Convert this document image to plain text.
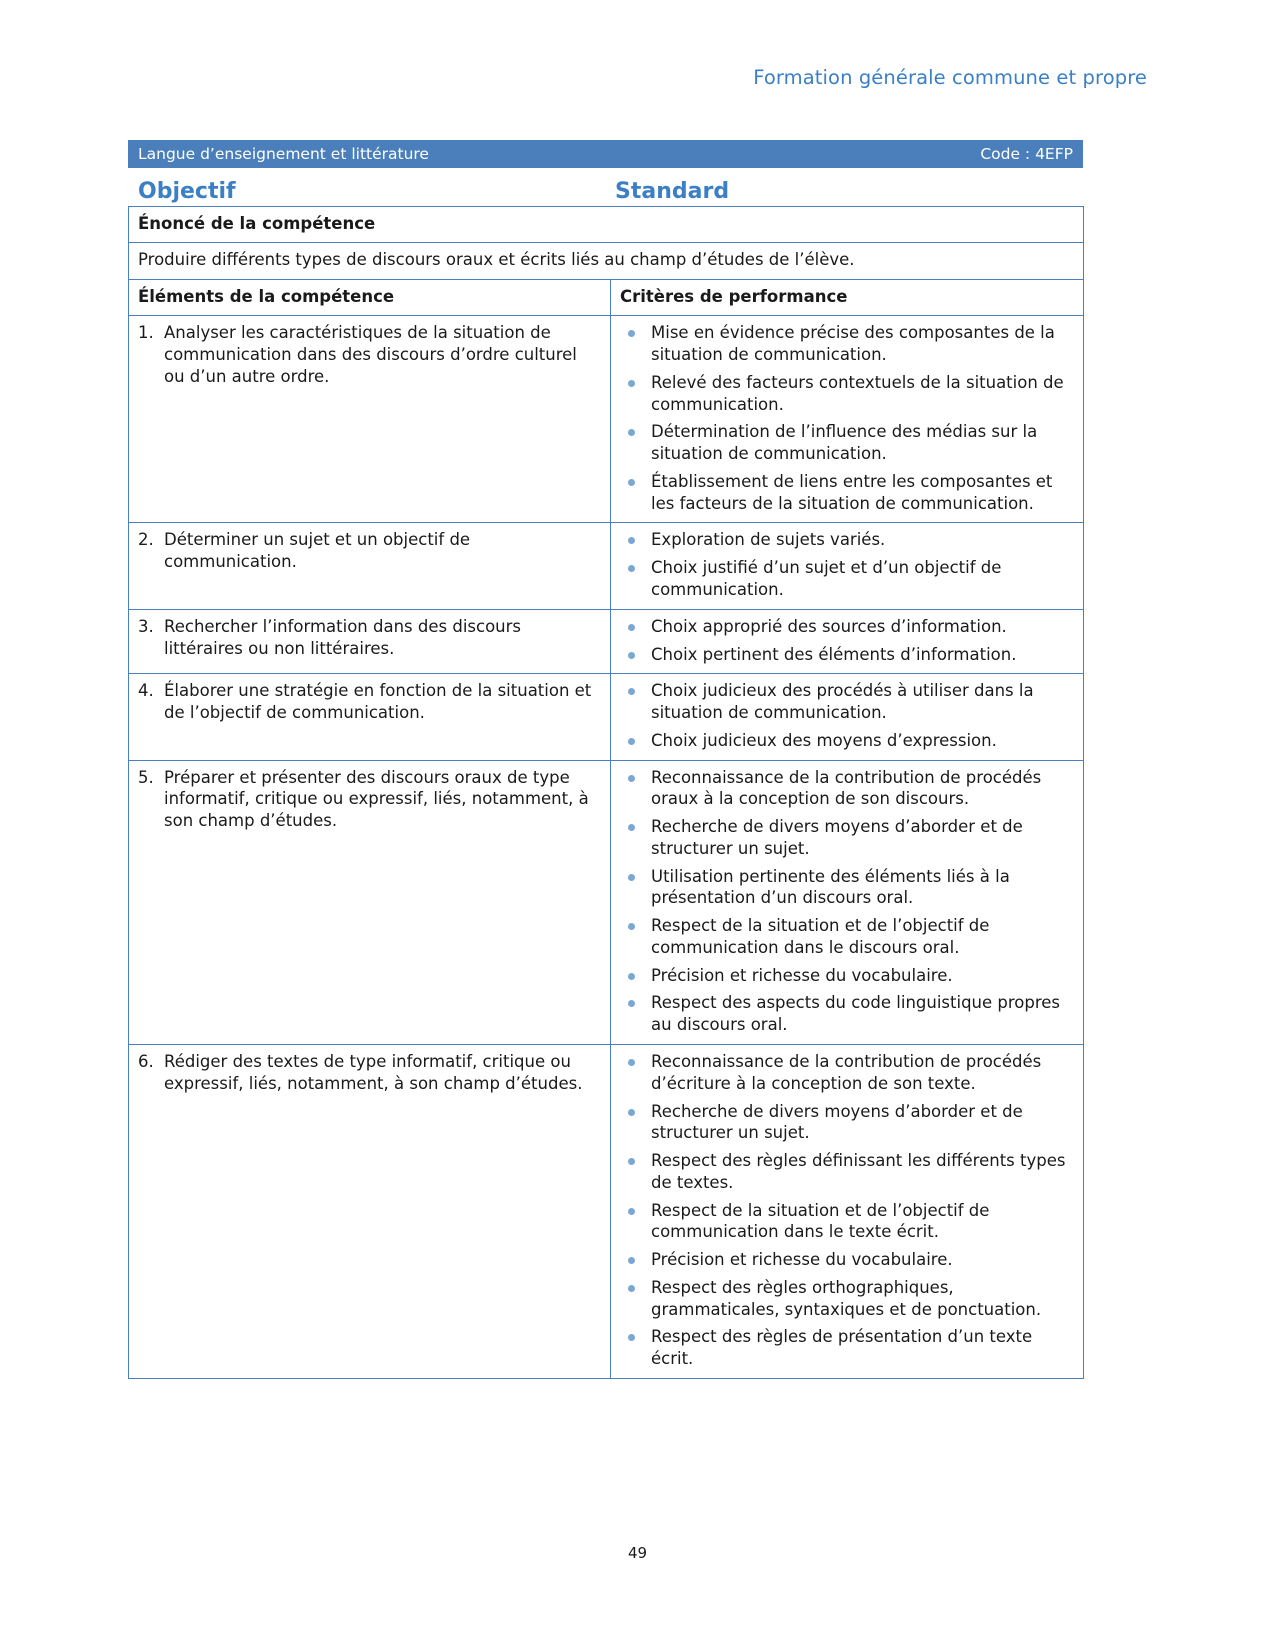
Formation générale commune et propre
Langue d’enseignement et littérature	Code : 4EFP
Objectif	Standard
Énoncé de la compétence	
Produire différents types de discours oraux et écrits liés au champ d’études de l’élève.	
Éléments de la compétence	Critères de performance

1. Analyser les caractéristiques de la situation de communication dans des discours d’ordre culturel ou d’un autre ordre.

Mise en évidence précise des composantes de la situation de communication.
Relevé des facteurs contextuels de la situation de communication.
Détermination de l’influence des médias sur la situation de communication.
Établissement de liens entre les composantes et les facteurs de la situation de communication.

2. Déterminer un sujet et un objectif de communication.

Exploration de sujets variés.
Choix justifié d’un sujet et d’un objectif de communication.

3. Rechercher l’information dans des discours littéraires ou non littéraires.

Choix approprié des sources d’information.
Choix pertinent des éléments d’information.

4. Élaborer une stratégie en fonction de la situation et de l’objectif de communication.

Choix judicieux des procédés à utiliser dans la situation de communication.
Choix judicieux des moyens d’expression.

5. Préparer et présenter des discours oraux de type informatif, critique ou expressif, liés, notamment, à son champ d’études.

Reconnaissance de la contribution de procédés oraux à la conception de son discours.
Recherche de divers moyens d’aborder et de structurer un sujet.
Utilisation pertinente des éléments liés à la présentation d’un discours oral.
Respect de la situation et de l’objectif de communication dans le discours oral.
Précision et richesse du vocabulaire.
Respect des aspects du code linguistique propres au discours oral.

6. Rédiger des textes de type informatif, critique ou expressif, liés, notamment, à son champ d’études.

Reconnaissance de la contribution de procédés d’écriture à la conception de son texte.
Recherche de divers moyens d’aborder et de structurer un sujet.
Respect des règles définissant les différents types de textes.
Respect de la situation et de l’objectif de communication dans le texte écrit.
Précision et richesse du vocabulaire.
Respect des règles orthographiques, grammaticales, syntaxiques et de ponctuation.
Respect des règles de présentation d’un texte écrit.
49
